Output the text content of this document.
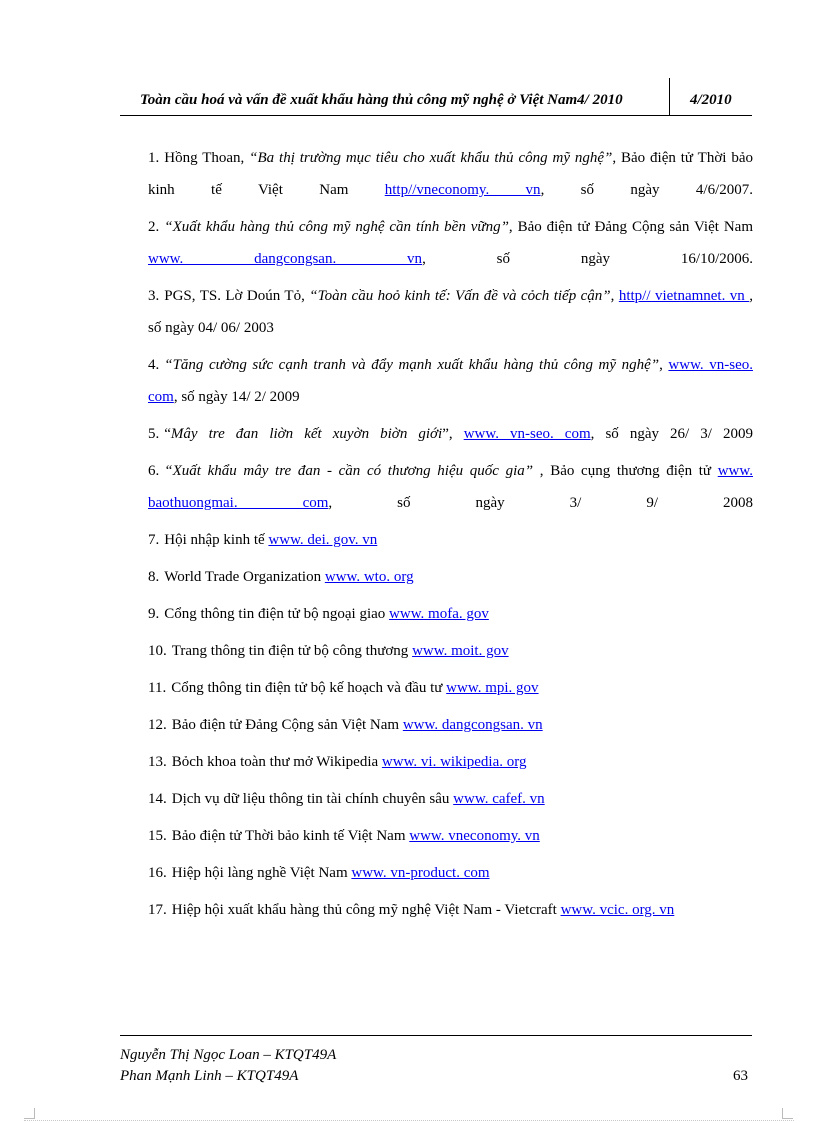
Toàn cầu hoá và vấn đề xuất khẩu hàng thủ công mỹ nghệ ở Việt Nam4/ 2010	4/2010
1. Hồng Thoan, “Ba thị trường mục tiêu cho xuất khẩu thủ công mỹ nghệ”, Bảo điện tử Thời bảo kinh tế Việt Nam http//vneconomy. vn, số ngày 4/6/2007.
2. “Xuất khẩu hàng thủ công mỹ nghệ cần tính bền vững”, Bảo điện tử Đảng Cộng sản Việt Nam www. dangcongsan. vn, số ngày 16/10/2006.
3. PGS, TS. Lờ Doún Tỏ, “Toàn cầu hoỏ kinh tế: Vấn đề và cỏch tiếp cận”, http// vietnamnet. vn , số ngày 04/ 06/ 2003
4. “Tăng cường sức cạnh tranh và đẩy mạnh xuất khẩu hàng thủ công mỹ nghệ”, www. vn-seo. com, số ngày 14/ 2/ 2009
5. “Mây tre đan liờn kết xuyờn biờn giới”, www. vn-seo. com, số ngày 26/ 3/ 2009
6. “Xuất khẩu mây tre đan - cần có thương hiệu quốc gia” , Bảo cụng thương điện tử www. baothuongmai. com, số ngày 3/ 9/ 2008
7. Hội nhập kinh tế www. dei. gov. vn
8. World Trade Organization www. wto. org
9. Cổng thông tin điện tử bộ ngoại giao www. mofa. gov
10. Trang thông tin điện tử bộ công thương www. moit. gov
11. Cổng thông tin điện tử bộ kế hoạch và đầu tư www. mpi. gov
12. Bảo điện tử Đảng Cộng sản Việt Nam www. dangcongsan. vn
13. Bỏch khoa toàn thư mở Wikipedia www. vi. wikipedia. org
14. Dịch vụ dữ liệu thông tin tài chính chuyên sâu www. cafef. vn
15. Bảo điện tử Thời bảo kinh tế Việt Nam www. vneconomy. vn
16. Hiệp hội làng nghề Việt Nam www. vn-product. com
17. Hiệp hội xuất khẩu hàng thủ công mỹ nghệ Việt Nam - Vietcraft www. vcic. org. vn
Nguyễn Thị Ngọc Loan – KTQT49A
Phan Mạnh Linh – KTQT49A	63
